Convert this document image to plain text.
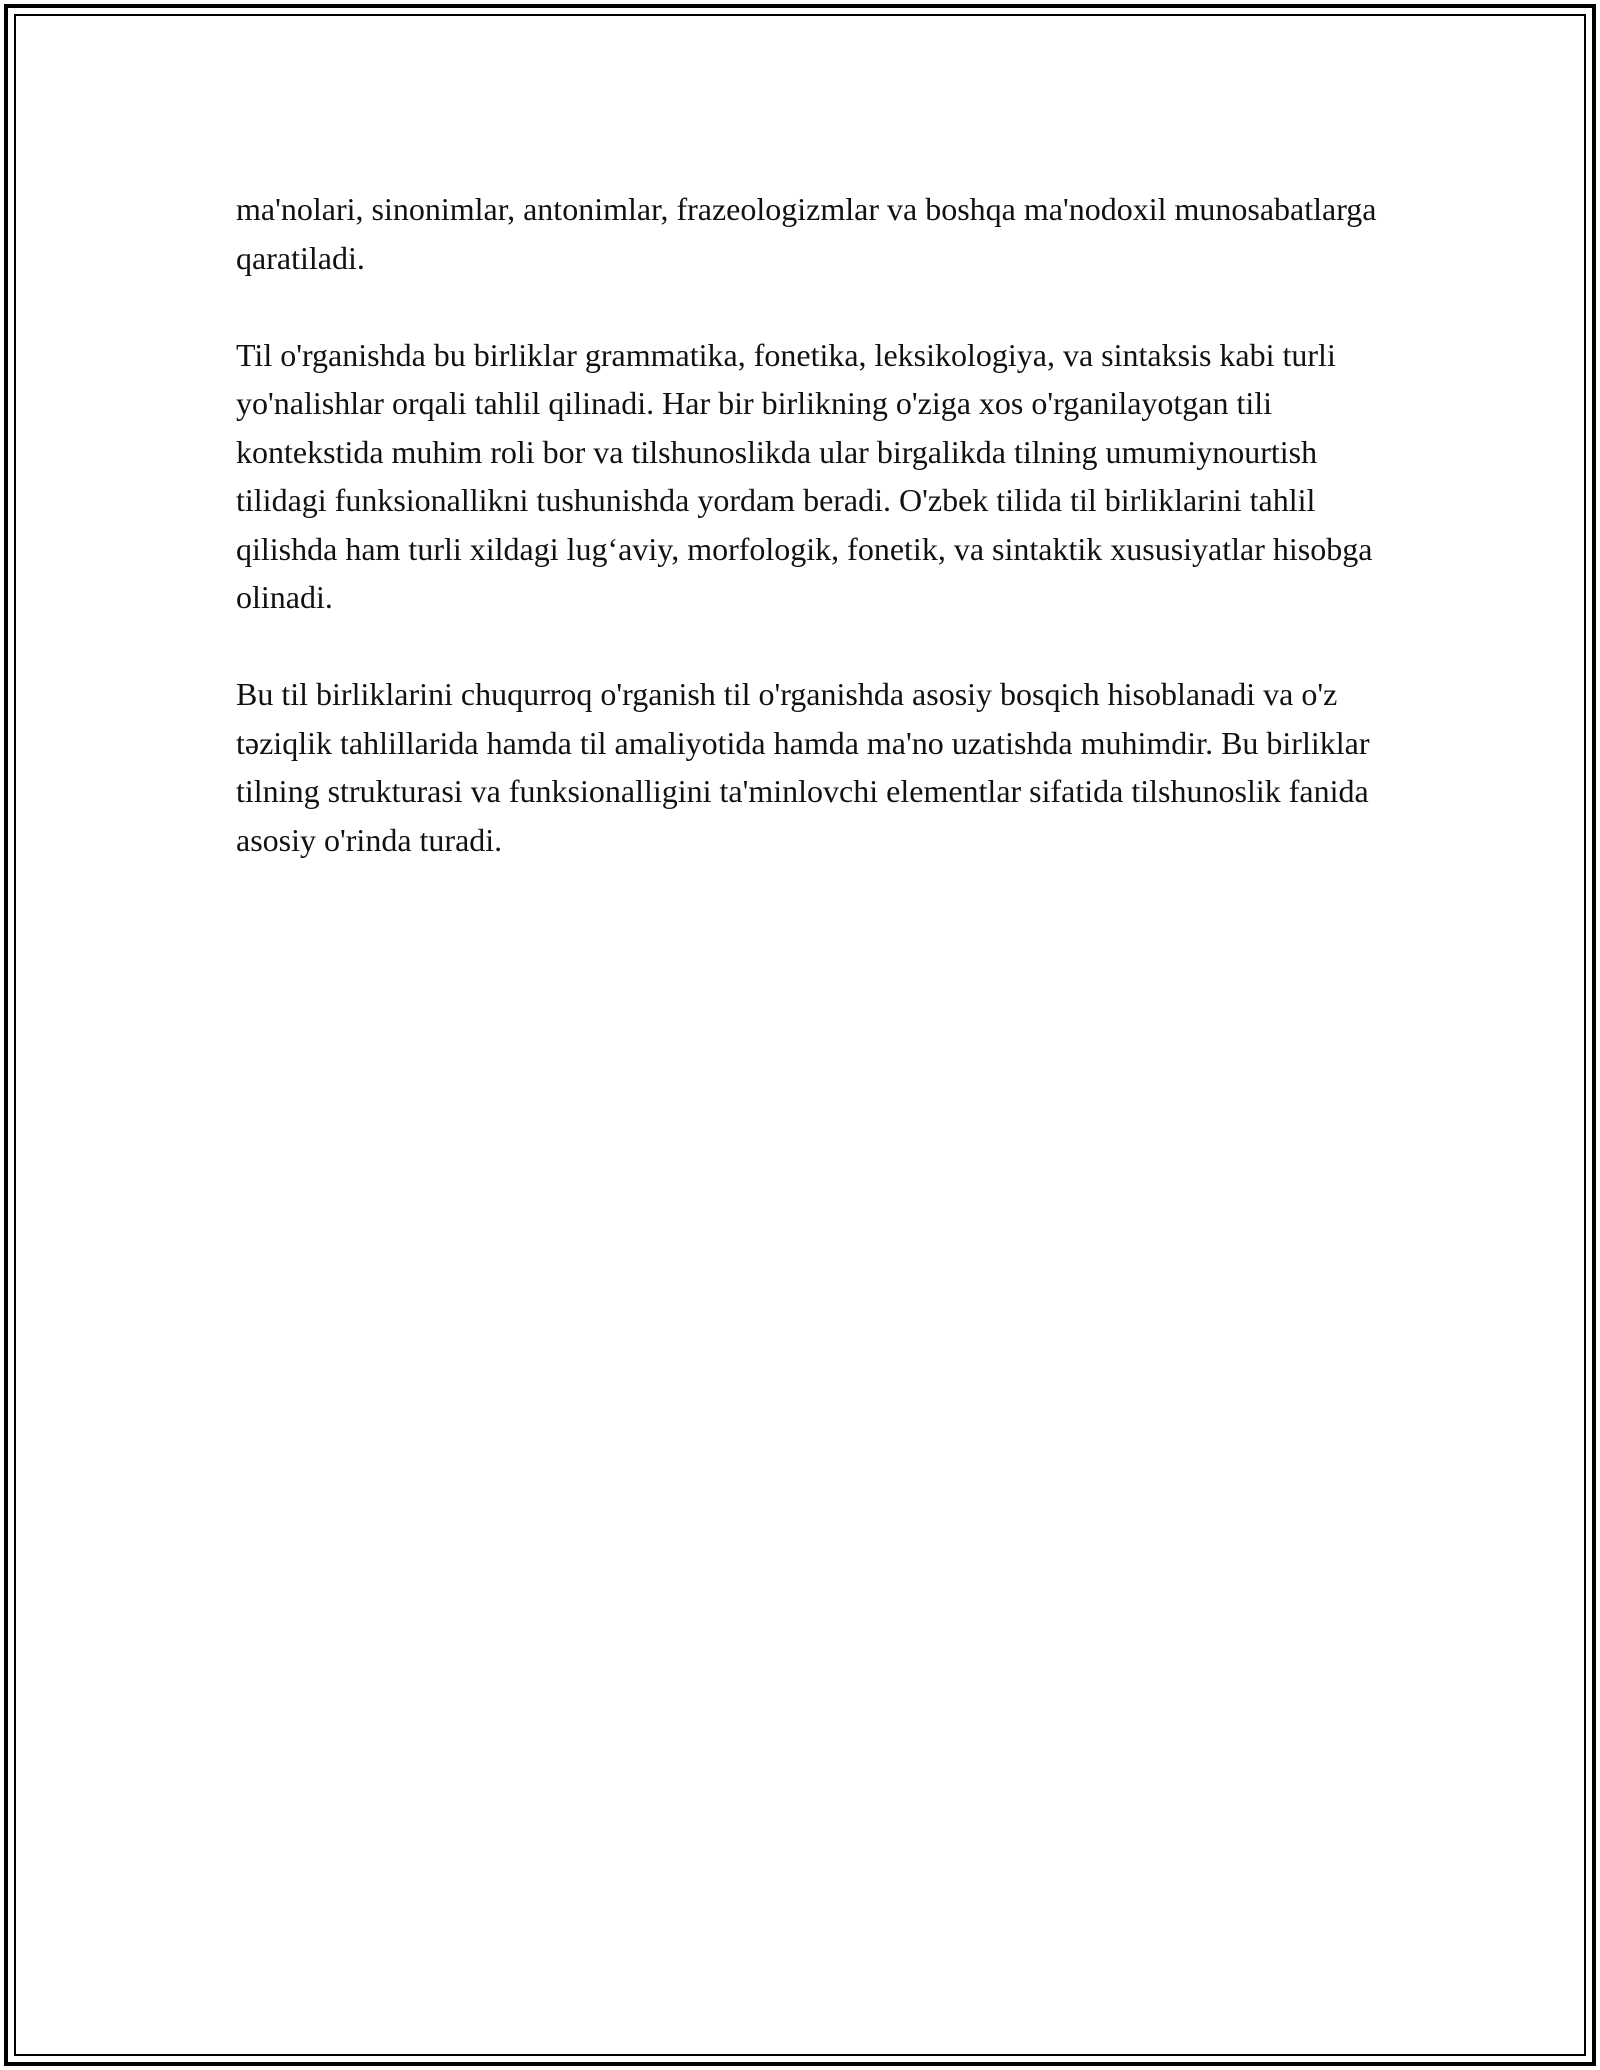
ma'nolari, sinonimlar, antonimlar, frazeologizmlar va boshqa ma'nodoxil munosabatlarga qaratiladi.

Til o'rganishda bu birliklar grammatika, fonetika, leksikologiya, va sintaksis kabi turli yo'nalishlar orqali tahlil qilinadi. Har bir birlikning o'ziga xos o'rganilayotgan tili kontekstida muhim roli bor va tilshunoslikda ular birgalikda tilning umumiynourtish tilidagi funksionallikni tushunishda yordam beradi. O'zbek tilida til birliklarini tahlil qilishda ham turli xildagi lug‘aviy, morfologik, fonetik, va sintaktik xususiyatlar hisobga olinadi.

Bu til birliklarini chuqurroq o'rganish til o'rganishda asosiy bosqich hisoblanadi va o'z təziqlik tahlillarida hamda til amaliyotida hamda ma'no uzatishda muhimdir. Bu birliklar tilning strukturasi va funksionalligini ta'minlovchi elementlar sifatida tilshunoslik fanida asosiy o'rinda turadi.
